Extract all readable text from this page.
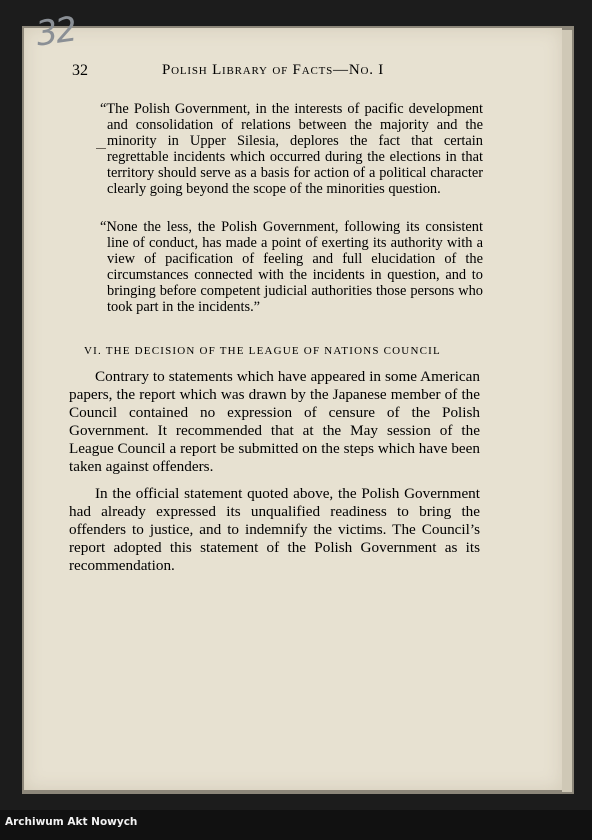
32
32	Polish Library of Facts—No. I

“The Polish Government, in the interests of pacific development and consolidation of relations between the majority and the minority in Upper Silesia, deplores the fact that certain regrettable incidents which occurred during the elections in that territory should serve as a basis for action of a political character clearly going beyond the scope of the minorities question.

“None the less, the Polish Government, following its consistent line of conduct, has made a point of exerting its authority with a view of pacification of feeling and full elucidation of the circumstances connected with the incidents in question, and to bringing before competent judicial authorities those persons who took part in the incidents.”

VI. THE DECISION OF THE LEAGUE OF NATIONS COUNCIL

Contrary to statements which have appeared in some American papers, the report which was drawn by the Japanese member of the Council contained no expression of censure of the Polish Government. It recommended that at the May session of the League Council a report be submitted on the steps which have been taken against offenders.

In the official statement quoted above, the Polish Government had already expressed its unqualified readiness to bring the offenders to justice, and to indemnify the victims. The Council’s report adopted this statement of the Polish Government as its recommendation.

Archiwum Akt Nowych
